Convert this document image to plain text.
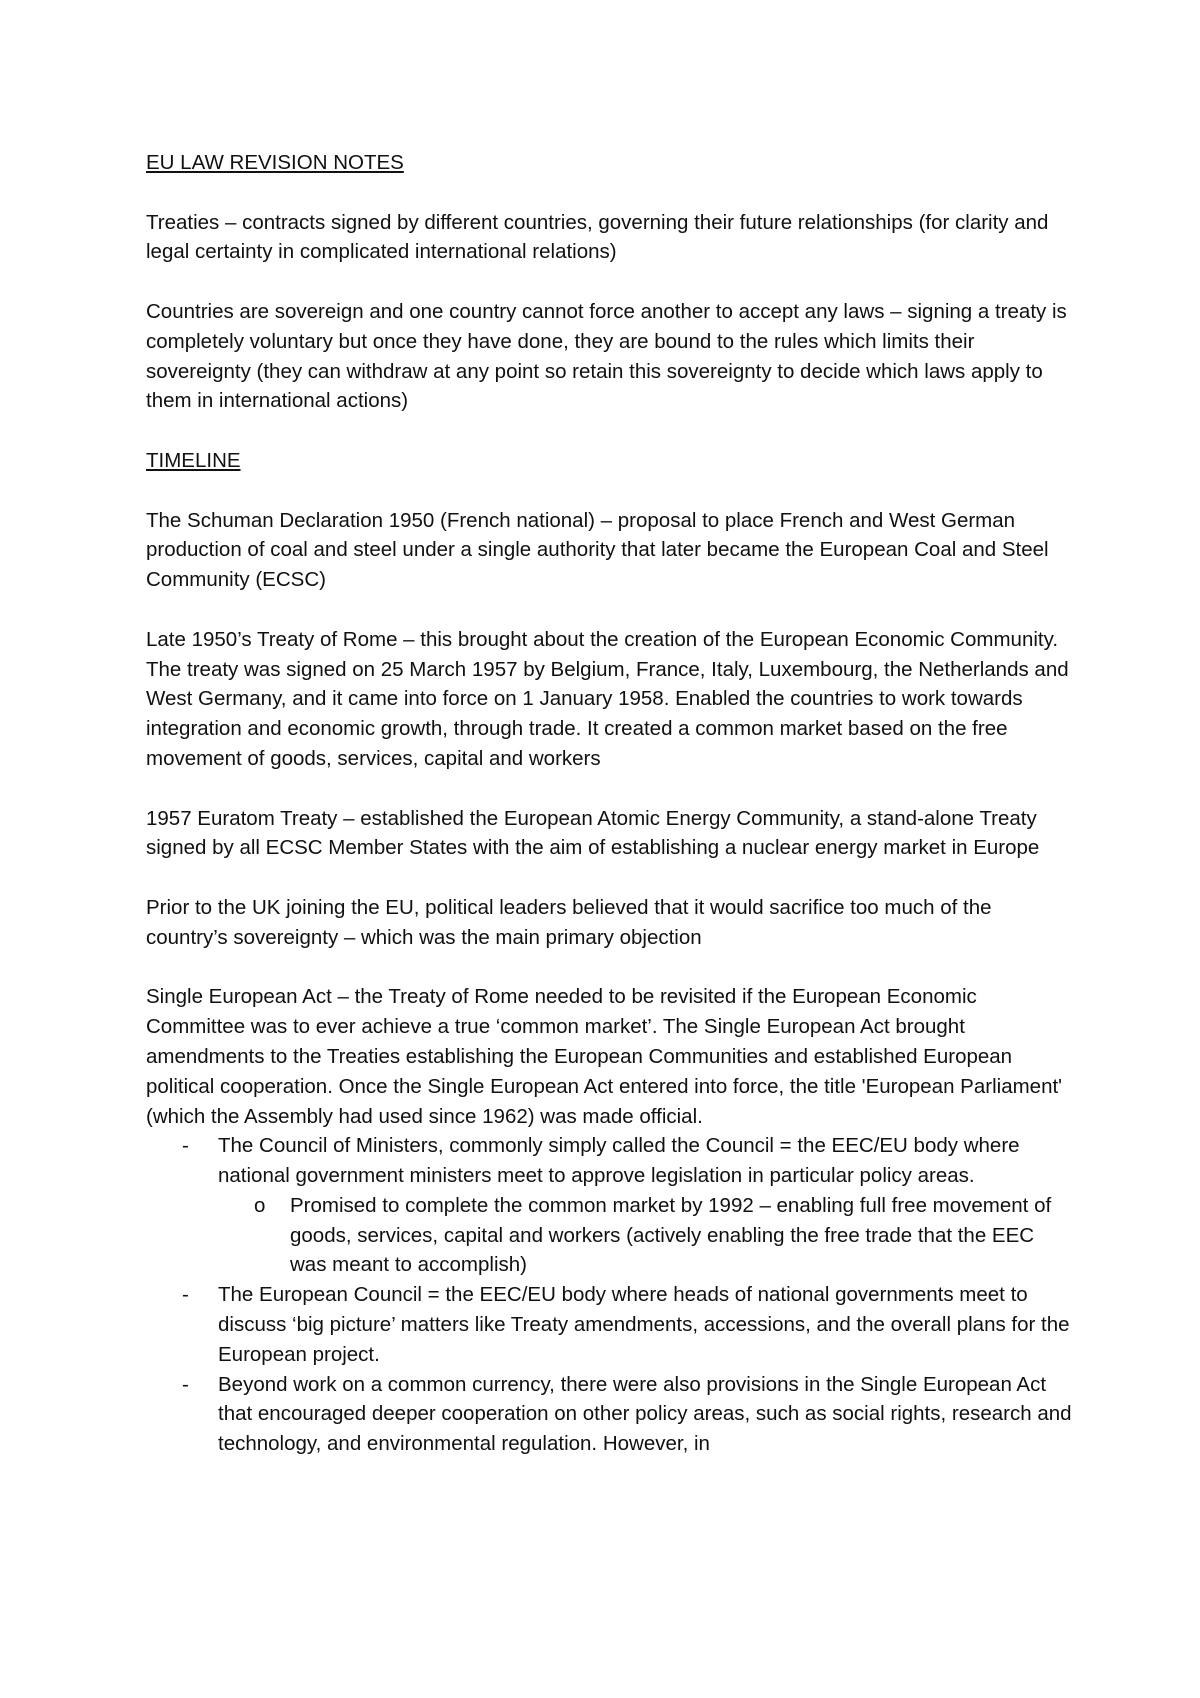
EU LAW REVISION NOTES

Treaties – contracts signed by different countries, governing their future relationships (for clarity and legal certainty in complicated international relations)

Countries are sovereign and one country cannot force another to accept any laws – signing a treaty is completely voluntary but once they have done, they are bound to the rules which limits their sovereignty (they can withdraw at any point so retain this sovereignty to decide which laws apply to them in international actions)

TIMELINE

The Schuman Declaration 1950 (French national) – proposal to place French and West German production of coal and steel under a single authority that later became the European Coal and Steel Community (ECSC)

Late 1950’s Treaty of Rome – this brought about the creation of the European Economic Community. The treaty was signed on 25 March 1957 by Belgium, France, Italy, Luxembourg, the Netherlands and West Germany, and it came into force on 1 January 1958. Enabled the countries to work towards integration and economic growth, through trade. It created a common market based on the free movement of goods, services, capital and workers

1957 Euratom Treaty – established the European Atomic Energy Community, a stand-alone Treaty signed by all ECSC Member States with the aim of establishing a nuclear energy market in Europe

Prior to the UK joining the EU, political leaders believed that it would sacrifice too much of the country’s sovereignty – which was the main primary objection

Single European Act – the Treaty of Rome needed to be revisited if the European Economic Committee was to ever achieve a true ‘common market’. The Single European Act brought amendments to the Treaties establishing the European Communities and established European political cooperation. Once the Single European Act entered into force, the title 'European Parliament' (which the Assembly had used since 1962) was made official.

- The Council of Ministers, commonly simply called the Council = the EEC/EU body where national government ministers meet to approve legislation in particular policy areas.
o Promised to complete the common market by 1992 – enabling full free movement of goods, services, capital and workers (actively enabling the free trade that the EEC was meant to accomplish)
- The European Council = the EEC/EU body where heads of national governments meet to discuss ‘big picture’ matters like Treaty amendments, accessions, and the overall plans for the European project.
- Beyond work on a common currency, there were also provisions in the Single European Act that encouraged deeper cooperation on other policy areas, such as social rights, research and technology, and environmental regulation. However, in
